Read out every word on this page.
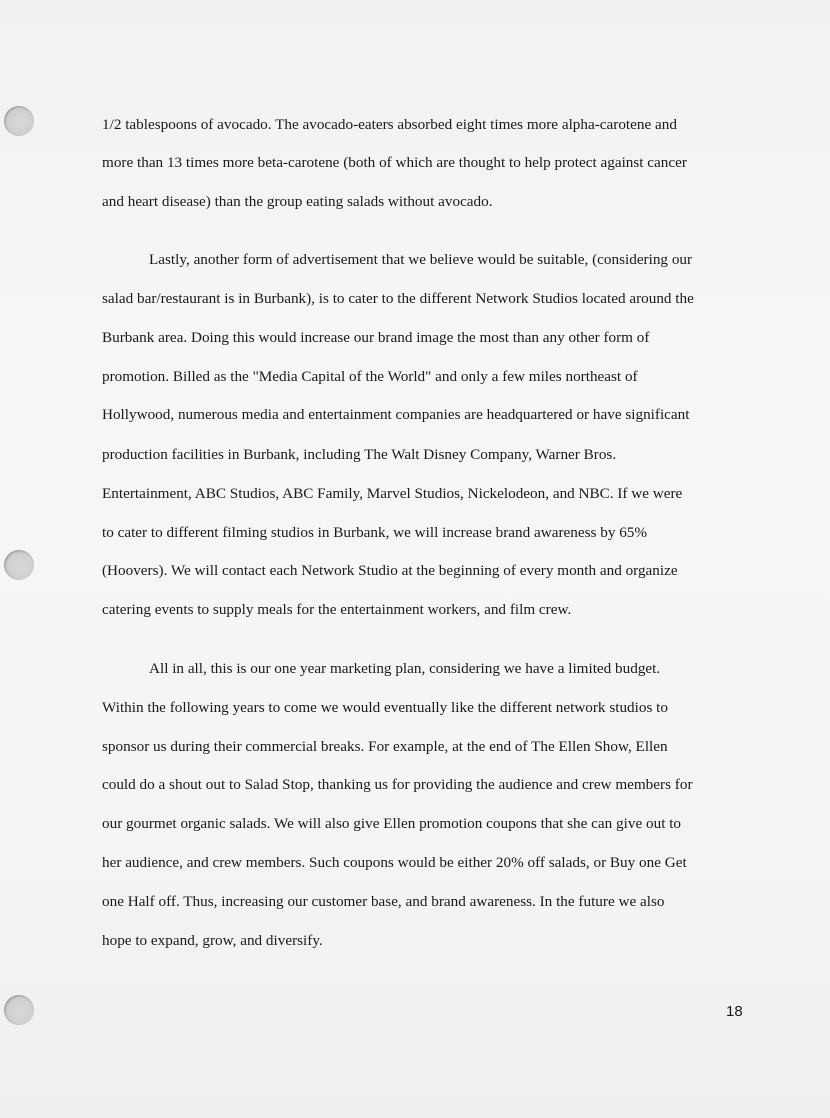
1/2 tablespoons of avocado. The avocado-eaters absorbed eight times more alpha-carotene and
more than 13 times more beta-carotene (both of which are thought to help protect against cancer
and heart disease) than the group eating salads without avocado.
Lastly, another form of advertisement that we believe would be suitable, (considering our
salad bar/restaurant is in Burbank), is to cater to the different Network Studios located around the
Burbank area. Doing this would increase our brand image the most than any other form of
promotion. Billed as the "Media Capital of the World" and only a few miles northeast of
Hollywood, numerous media and entertainment companies are headquartered or have significant
production facilities in Burbank, including The Walt Disney Company, Warner Bros.
Entertainment, ABC Studios, ABC Family, Marvel Studios, Nickelodeon, and NBC. If we were
to cater to different filming studios in Burbank, we will increase brand awareness by 65%
(Hoovers). We will contact each Network Studio at the beginning of every month and organize
catering events to supply meals for the entertainment workers, and film crew.
All in all, this is our one year marketing plan, considering we have a limited budget.
Within the following years to come we would eventually like the different network studios to
sponsor us during their commercial breaks. For example, at the end of The Ellen Show, Ellen
could do a shout out to Salad Stop, thanking us for providing the audience and crew members for
our gourmet organic salads. We will also give Ellen promotion coupons that she can give out to
her audience, and crew members. Such coupons would be either 20% off salads, or Buy one Get
one Half off. Thus, increasing our customer base, and brand awareness. In the future we also
hope to expand, grow, and diversify.
18
